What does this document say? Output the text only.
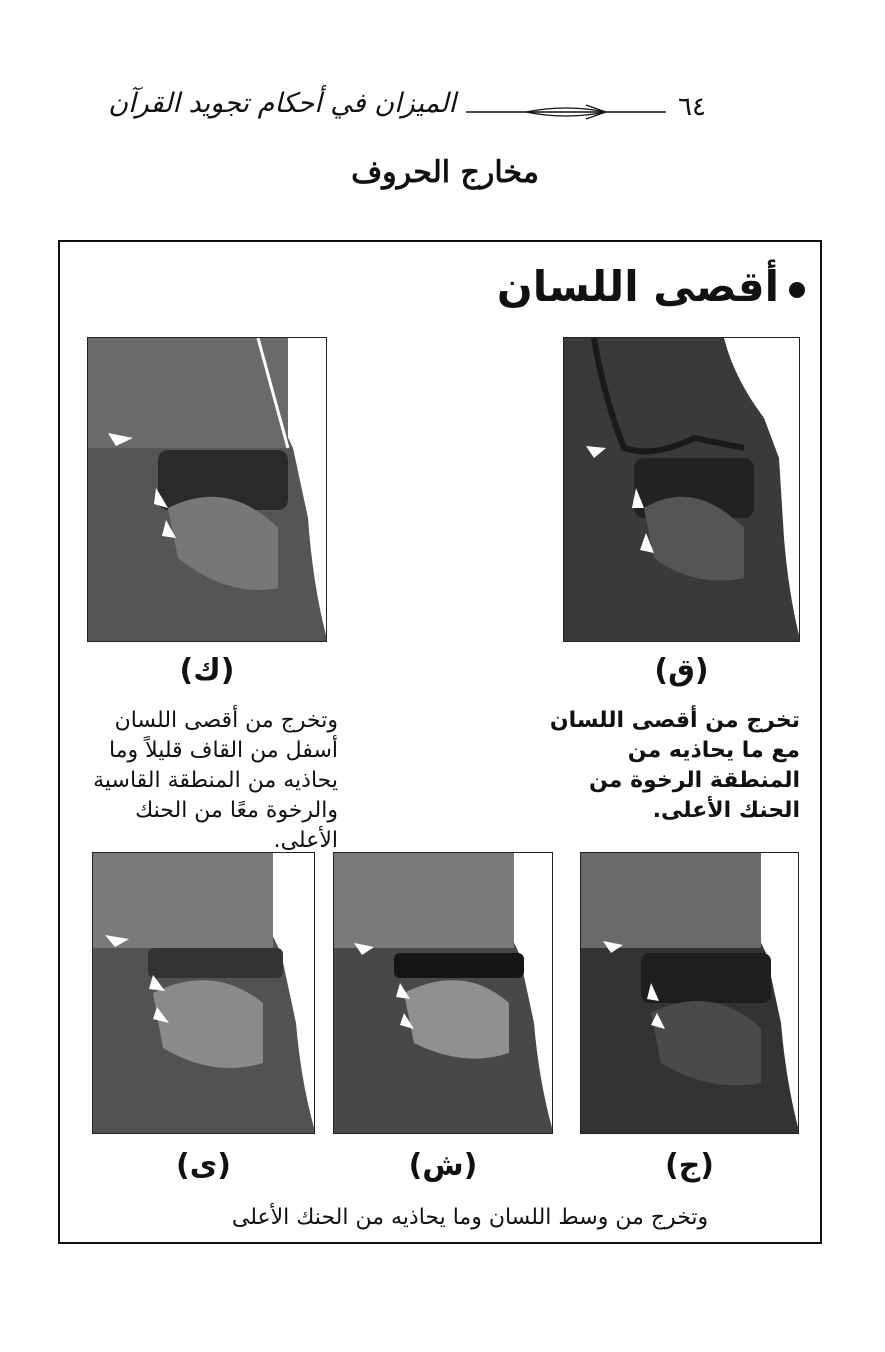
٦٤
الميزان في أحكام تجويد القرآن
مخارج الحروف
أقصى اللسان
(ق)
تخرج من أقصى اللسان مع ما يحاذيه من المنطقة الرخوة من الحنك الأعلى.
(ك)
وتخرج من أقصى اللسان أسفل من القاف قليلاً وما يحاذيه من المنطقة القاسية والرخوة معًا من الحنك الأعلى.
(ج)
(ش)
(ى)
وتخرج من وسط اللسان وما يحاذيه من الحنك الأعلى
